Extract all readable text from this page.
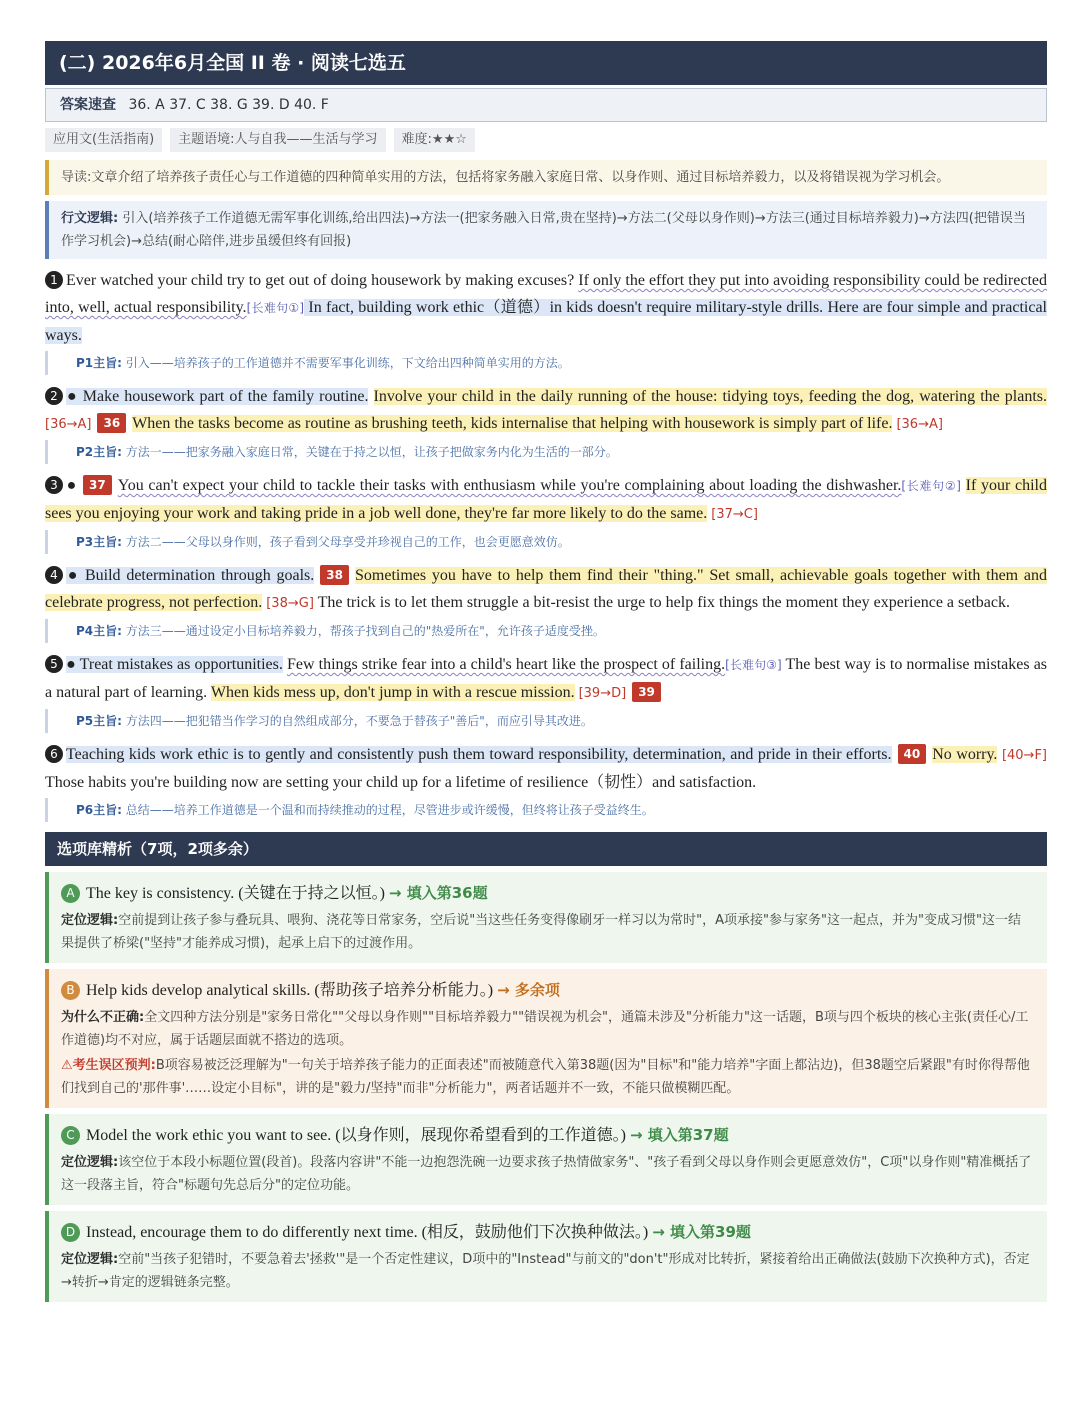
(二) 2026年6月全国 II 卷 · 阅读七选五
答案速查 36. A 37. C 38. G 39. D 40. F
应用文(生活指南)	主题语境:人与自我——生活与学习	难度:★★☆
导读:文章介绍了培养孩子责任心与工作道德的四种简单实用的方法，包括将家务融入家庭日常、以身作则、通过目标培养毅力，以及将错误视为学习机会。
行文逻辑: 引入(培养孩子工作道德无需军事化训练,给出四法)→方法一(把家务融入日常,贵在坚持)→方法二(父母以身作则)→方法三(通过目标培养毅力)→方法四(把错误当作学习机会)→总结(耐心陪伴,进步虽缓但终有回报)
1 Ever watched your child try to get out of doing housework by making excuses? If only the effort they put into avoiding responsibility could be redirected into, well, actual responsibility.[长难句①] In fact, building work ethic（道德）in kids doesn't require military-style drills. Here are four simple and practical ways.
P1主旨: 引入——培养孩子的工作道德并不需要军事化训练，下文给出四种简单实用的方法。
2 ● Make housework part of the family routine. Involve your child in the daily running of the house: tidying toys, feeding the dog, watering the plants. [36→A] 36 When the tasks become as routine as brushing teeth, kids internalise that helping with housework is simply part of life. [36→A]
P2主旨: 方法一——把家务融入家庭日常，关键在于持之以恒，让孩子把做家务内化为生活的一部分。
3 ● 37 You can't expect your child to tackle their tasks with enthusiasm while you're complaining about loading the dishwasher.[长难句②] If your child sees you enjoying your work and taking pride in a job well done, they're far more likely to do the same. [37→C]
P3主旨: 方法二——父母以身作则，孩子看到父母享受并珍视自己的工作，也会更愿意效仿。
4 ● Build determination through goals. 38 Sometimes you have to help them find their "thing." Set small, achievable goals together with them and celebrate progress, not perfection. [38→G] The trick is to let them struggle a bit-resist the urge to help fix things the moment they experience a setback.
P4主旨: 方法三——通过设定小目标培养毅力，帮孩子找到自己的"热爱所在"，允许孩子适度受挫。
5 ● Treat mistakes as opportunities. Few things strike fear into a child's heart like the prospect of failing.[长难句③] The best way is to normalise mistakes as a natural part of learning. When kids mess up, don't jump in with a rescue mission. [39→D] 39
P5主旨: 方法四——把犯错当作学习的自然组成部分，不要急于替孩子"善后"，而应引导其改进。
6 Teaching kids work ethic is to gently and consistently push them toward responsibility, determination, and pride in their efforts. 40 No worry. [40→F] Those habits you're building now are setting your child up for a lifetime of resilience（韧性）and satisfaction.
P6主旨: 总结——培养工作道德是一个温和而持续推动的过程，尽管进步或许缓慢，但终将让孩子受益终生。
选项库精析（7项，2项多余）
A The key is consistency. (关键在于持之以恒。) → 填入第36题
定位逻辑:空前提到让孩子参与叠玩具、喂狗、浇花等日常家务，空后说"当这些任务变得像刷牙一样习以为常时"，A项承接"参与家务"这一起点，并为"变成习惯"这一结果提供了桥梁("坚持"才能养成习惯)，起承上启下的过渡作用。
B Help kids develop analytical skills. (帮助孩子培养分析能力。) → 多余项
为什么不正确:全文四种方法分别是"家务日常化""父母以身作则""目标培养毅力""错误视为机会"，通篇未涉及"分析能力"这一话题，B项与四个板块的核心主张(责任心/工作道德)均不对应，属于话题层面就不搭边的选项。
⚠考生误区预判:B项容易被泛泛理解为"一句关于培养孩子能力的正面表述"而被随意代入第38题(因为"目标"和"能力培养"字面上都沾边)，但38题空后紧跟"有时你得帮他们找到自己的'那件事'……设定小目标"，讲的是"毅力/坚持"而非"分析能力"，两者话题并不一致，不能只做模糊匹配。
C Model the work ethic you want to see. (以身作则，展现你希望看到的工作道德。) → 填入第37题
定位逻辑:该空位于本段小标题位置(段首)。段落内容讲"不能一边抱怨洗碗一边要求孩子热情做家务"、"孩子看到父母以身作则会更愿意效仿"，C项"以身作则"精准概括了这一段落主旨，符合"标题句先总后分"的定位功能。
D Instead, encourage them to do differently next time. (相反，鼓励他们下次换种做法。) → 填入第39题
定位逻辑:空前"当孩子犯错时，不要急着去'拯救'"是一个否定性建议，D项中的"Instead"与前文的"don't"形成对比转折，紧接着给出正确做法(鼓励下次换种方式)，否定→转折→肯定的逻辑链条完整。
